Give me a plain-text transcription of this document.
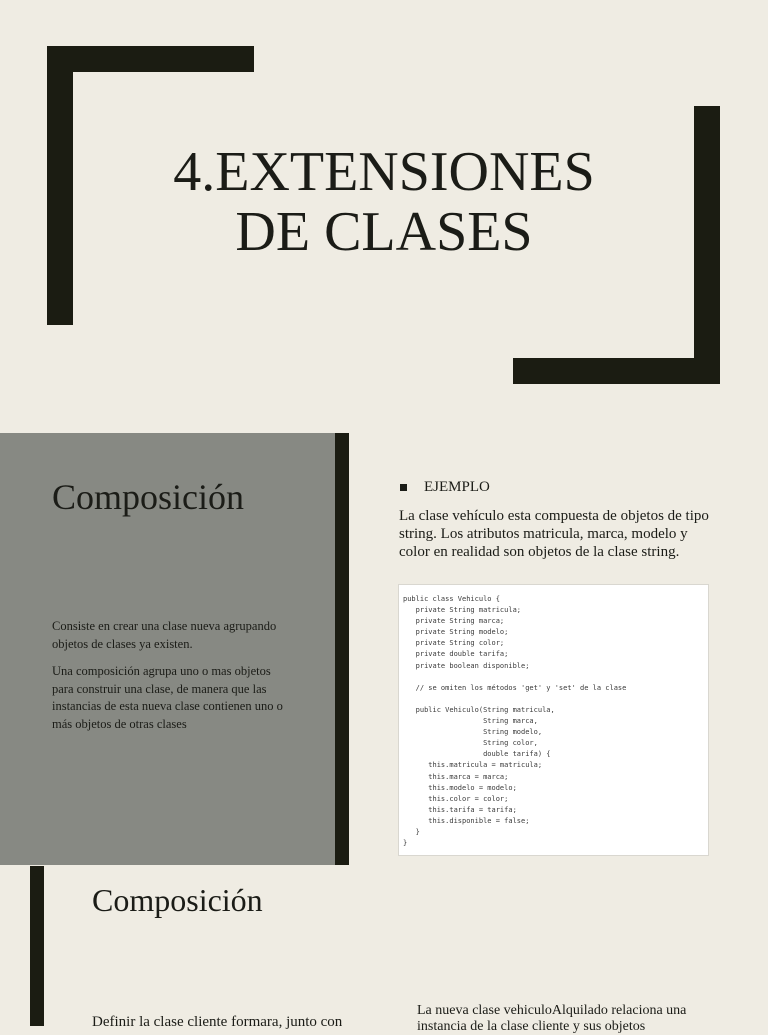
4.EXTENSIONES
DE CLASES
Composición

Consiste en crear una clase nueva agrupando objetos de clases ya existen.

Una composición agrupa uno o mas objetos para construir una clase, de manera que las instancias de esta nueva clase contienen uno o más objetos de otras clases

EJEMPLO
La clase vehículo esta compuesta de objetos de tipo string. Los atributos matricula, marca, modelo y color en realidad son objetos de la clase string.
public class Vehiculo {
private String matricula;
private String marca;
private String modelo;
private String color;
private double tarifa;
private boolean disponible;

// se omiten los métodos 'get' y 'set' de la clase

public Vehiculo(String matricula,
String marca,
String modelo,
String color,
double tarifa) {
this.matricula = matricula;
this.marca = marca;
this.modelo = modelo;
this.color = color;
this.tarifa = tarifa;
this.disponible = false;
}
}
Composición
Definir la clase cliente formara, junto con
La nueva clase vehiculoAlquilado relaciona una instancia de la clase cliente y sus objetos
